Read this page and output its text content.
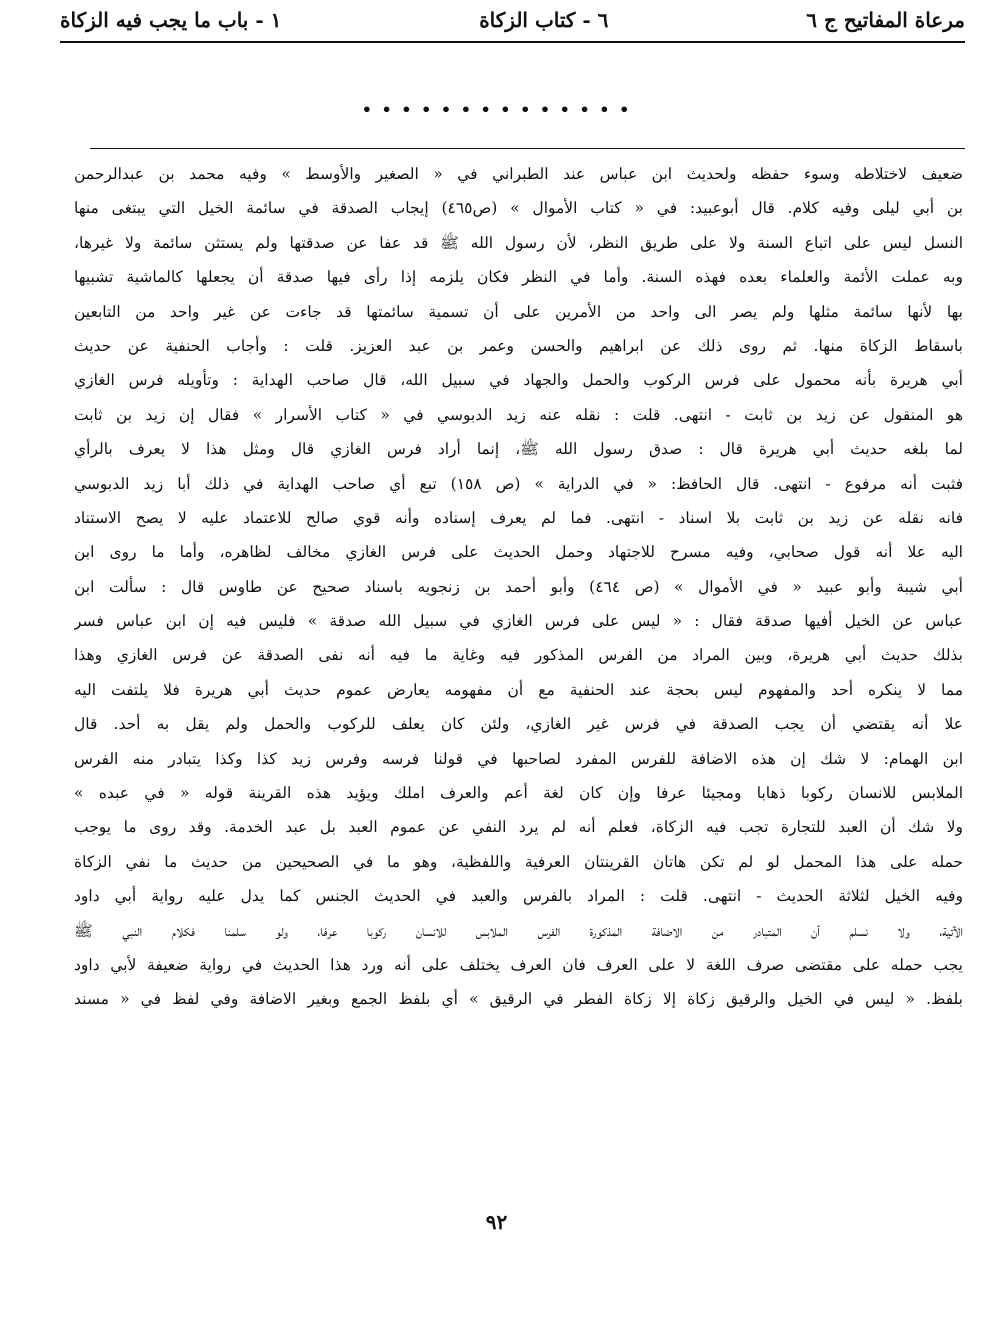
مرعاة المفاتيح ج ٦
٦ - كتاب الزكاة
١ - باب ما يجب فيه الزكاة
• • • • • • • • • • • • • •
ضعيف لاختلاطه وسوء حفظه ولحديث ابن عباس عند الطبراني في « الصغير والأوسط » وفيه محمد بن عبدالرحمن
بن أبي ليلى وفيه كلام. قال أبوعبيد: في « كتاب الأموال » (ص٤٦٥) إيجاب الصدقة في سائمة الخيل التي يبتغى منها
النسل ليس على اتباع السنة ولا على طريق النظر، لأن رسول الله ﷺ قد عفا عن صدقتها ولم يستثن سائمة ولا غيرها،
وبه عملت الأئمة والعلماء بعده فهذه السنة. وأما في النظر فكان يلزمه إذا رأى فيها صدقة أن يجعلها كالماشية تشبيها
بها لأنها سائمة مثلها ولم يصر الى واحد من الأمرين على أن تسمية سائمتها قد جاءت عن غير واحد من التابعين
باسقاط الزكاة منها. ثم روى ذلك عن ابراهيم والحسن وعمر بن عبد العزيز. قلت : وأجاب الحنفية عن حديث
أبي هريرة بأنه محمول على فرس الركوب والحمل والجهاد في سبيل الله، قال صاحب الهداية : وتأويله فرس الغازي
هو المنقول عن زيد بن ثابت - انتهى. قلت : نقله عنه زيد الدبوسي في « كتاب الأسرار » فقال إن زيد بن ثابت
لما بلغه حديث أبي هريرة قال : صدق رسول الله ﷺ، إنما أراد فرس الغازي قال ومثل هذا لا يعرف بالرأي
فثبت أنه مرفوع - انتهى. قال الحافظ: « في الدراية » (ص ١٥٨) تبع أي صاحب الهداية في ذلك أبا زيد الدبوسي
فانه نقله عن زيد بن ثابت بلا اسناد - انتهى. فما لم يعرف إسناده وأنه قوي صالح للاعتماد عليه لا يصح الاستناد
اليه علا أنه قول صحابي، وفيه مسرح للاجتهاد وحمل الحديث على فرس الغازي مخالف لظاهره، وأما ما روى ابن
أبي شيبة وأبو عبيد « في الأموال » (ص ٤٦٤) وأبو أحمد بن زنجويه باسناد صحيح عن طاوس قال : سألت ابن
عباس عن الخيل أفيها صدقة فقال : « ليس على فرس الغازي في سبيل الله صدقة » فليس فيه إن ابن عباس فسر
بذلك حديث أبي هريرة، وبين المراد من الفرس المذكور فيه وغاية ما فيه أنه نفى الصدقة عن فرس الغازي وهذا
مما لا ينكره أحد والمفهوم ليس بحجة عند الحنفية مع أن مفهومه يعارض عموم حديث أبي هريرة فلا يلتفت اليه
علا أنه يقتضي أن يجب الصدقة في فرس غير الغازي، ولئن كان يعلف للركوب والحمل ولم يقل به أحد. قال
ابن الهمام: لا شك إن هذه الاضافة للفرس المفرد لصاحبها في قولنا فرسه وفرس زيد كذا وكذا يتبادر منه الفرس
الملابس للانسان ركوبا ذهابا ومجيئا عرفا وإن كان لغة أعم والعرف املك ويؤيد هذه القرينة قوله « في عبده »
ولا شك أن العبد للتجارة تجب فيه الزكاة، فعلم أنه لم يرد النفي عن عموم العبد بل عبد الخدمة. وقد روى ما يوجب
حمله على هذا المحمل لو لم تكن هاتان القرينتان العرفية واللفظية، وهو ما في الصحيحين من حديث ما نفي الزكاة
وفيه الخيل لثلاثة الحديث - انتهى. قلت : المراد بالفرس والعبد في الحديث الجنس كما يدل عليه رواية أبي داود
الآتية، ولا نسلم أن المتبادر من الاضافة المذكورة الفرس الملابس للانسان ركوبا عرفا، ولو سلمنا فكلام النبي ﷺ
يجب حمله على مقتضى صرف اللغة لا على العرف فان العرف يختلف على أنه ورد هذا الحديث في رواية ضعيفة لأبي داود
بلفظ. « ليس في الخيل والرقيق زكاة إلا زكاة الفطر في الرقيق » أي بلفظ الجمع وبغير الاضافة وفي لفظ في « مسند
٩٢
